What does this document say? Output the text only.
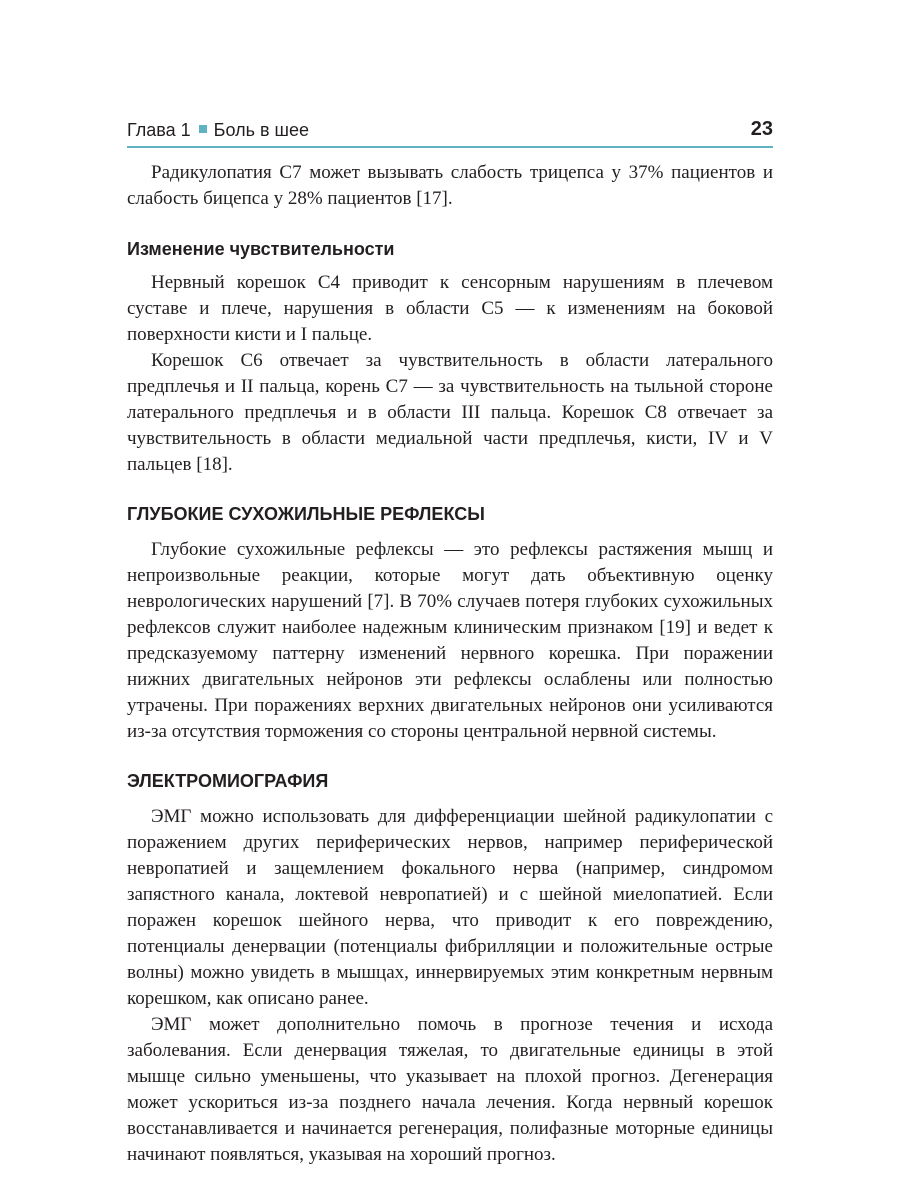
Глава 1 Боль в шее	23

Радикулопатия C7 может вызывать слабость трицепса у 37% пациентов и слабость бицепса у 28% пациентов [17].

Изменение чувствительности

Нервный корешок C4 приводит к сенсорным нарушениям в плечевом суставе и плече, нарушения в области C5 — к изменениям на боковой поверхности кисти и I пальце.

Корешок C6 отвечает за чувствительность в области латерального предплечья и II пальца, корень C7 — за чувствительность на тыльной стороне латерального предплечья и в области III пальца. Корешок C8 отвечает за чувствительность в области медиальной части предплечья, кисти, IV и V пальцев [18].

ГЛУБОКИЕ СУХОЖИЛЬНЫЕ РЕФЛЕКСЫ

Глубокие сухожильные рефлексы — это рефлексы растяжения мышц и непроизвольные реакции, которые могут дать объективную оценку неврологических нарушений [7]. В 70% случаев потеря глубоких сухожильных рефлексов служит наиболее надежным клиническим признаком [19] и ведет к предсказуемому паттерну изменений нервного корешка. При поражении нижних двигательных нейронов эти рефлексы ослаблены или полностью утрачены. При поражениях верхних двигательных нейронов они усиливаются из-за отсутствия торможения со стороны центральной нервной системы.

ЭЛЕКТРОМИОГРАФИЯ

ЭМГ можно использовать для дифференциации шейной радикулопатии с поражением других периферических нервов, например периферической невропатией и защемлением фокального нерва (например, синдромом запястного канала, локтевой невропатией) и с шейной миелопатией. Если поражен корешок шейного нерва, что приводит к его повреждению, потенциалы денервации (потенциалы фибрилляции и положительные острые волны) можно увидеть в мышцах, иннервируемых этим конкретным нервным корешком, как описано ранее.

ЭМГ может дополнительно помочь в прогнозе течения и исхода заболевания. Если денервация тяжелая, то двигательные единицы в этой мышце сильно уменьшены, что указывает на плохой прогноз. Дегенерация может ускориться из-за позднего начала лечения. Когда нервный корешок восстанавливается и начинается регенерация, полифазные моторные единицы начинают появляться, указывая на хороший прогноз.
